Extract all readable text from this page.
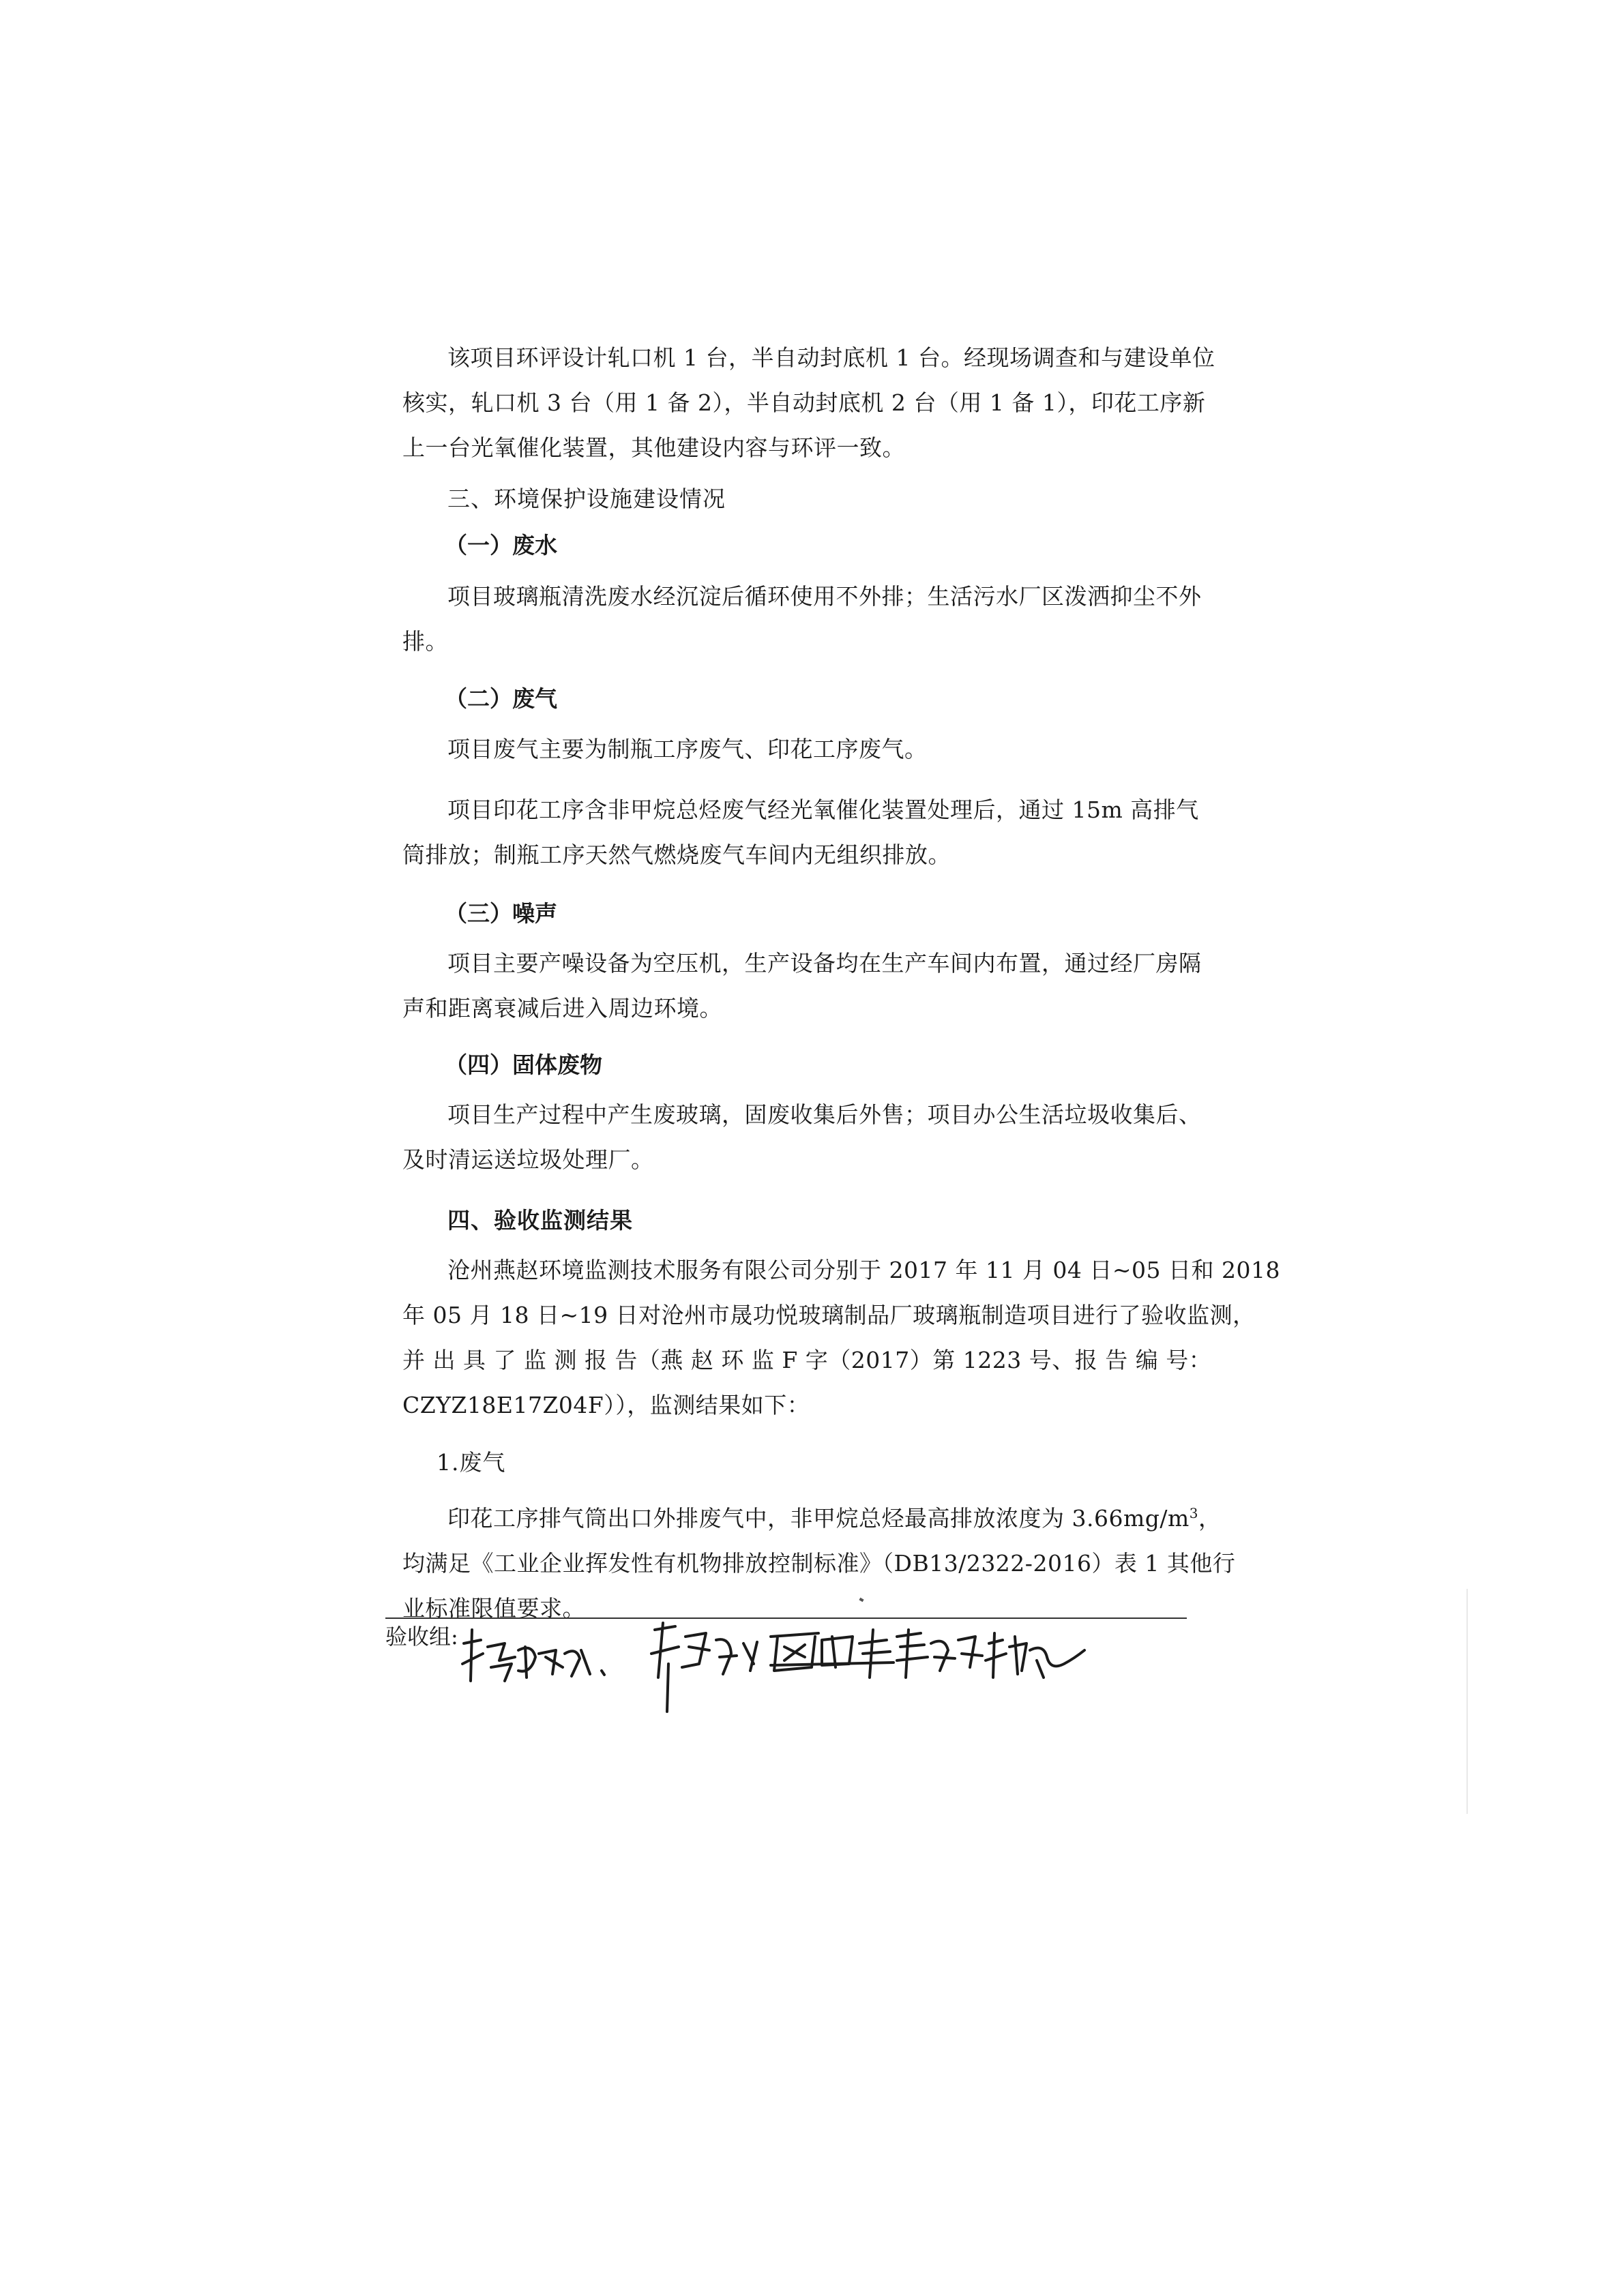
该项目环评设计轧口机 1 台，半自动封底机 1 台。经现场调查和与建设单位
核实，轧口机 3 台（用 1 备 2），半自动封底机 2 台（用 1 备 1），印花工序新
上一台光氧催化装置，其他建设内容与环评一致。
三、环境保护设施建设情况
（一）废水
项目玻璃瓶清洗废水经沉淀后循环使用不外排；生活污水厂区泼洒抑尘不外
排。
（二）废气
项目废气主要为制瓶工序废气、印花工序废气。
项目印花工序含非甲烷总烃废气经光氧催化装置处理后，通过 15m 高排气
筒排放；制瓶工序天然气燃烧废气车间内无组织排放。
（三）噪声
项目主要产噪设备为空压机，生产设备均在生产车间内布置，通过经厂房隔
声和距离衰减后进入周边环境。
（四）固体废物
项目生产过程中产生废玻璃，固废收集后外售；项目办公生活垃圾收集后、
及时清运送垃圾处理厂。
四、验收监测结果
沧州燕赵环境监测技术服务有限公司分别于 2017 年 11 月 04 日~05 日和 2018
年 05 月 18 日~19 日对沧州市晟功悦玻璃制品厂玻璃瓶制造项目进行了验收监测，
并 出 具 了 监 测 报 告（燕 赵 环 监 F 字（2017）第 1223 号、报 告 编 号：
CZYZ18E17Z04F）），监测结果如下：
1.废气
印花工序排气筒出口外排废气中，非甲烷总烃最高排放浓度为 $3.66mg/m^3$，
均满足《工业企业挥发性有机物排放控制标准》（DB13/2322-2016）表 1 其他行
业标准限值要求。
验收组:
